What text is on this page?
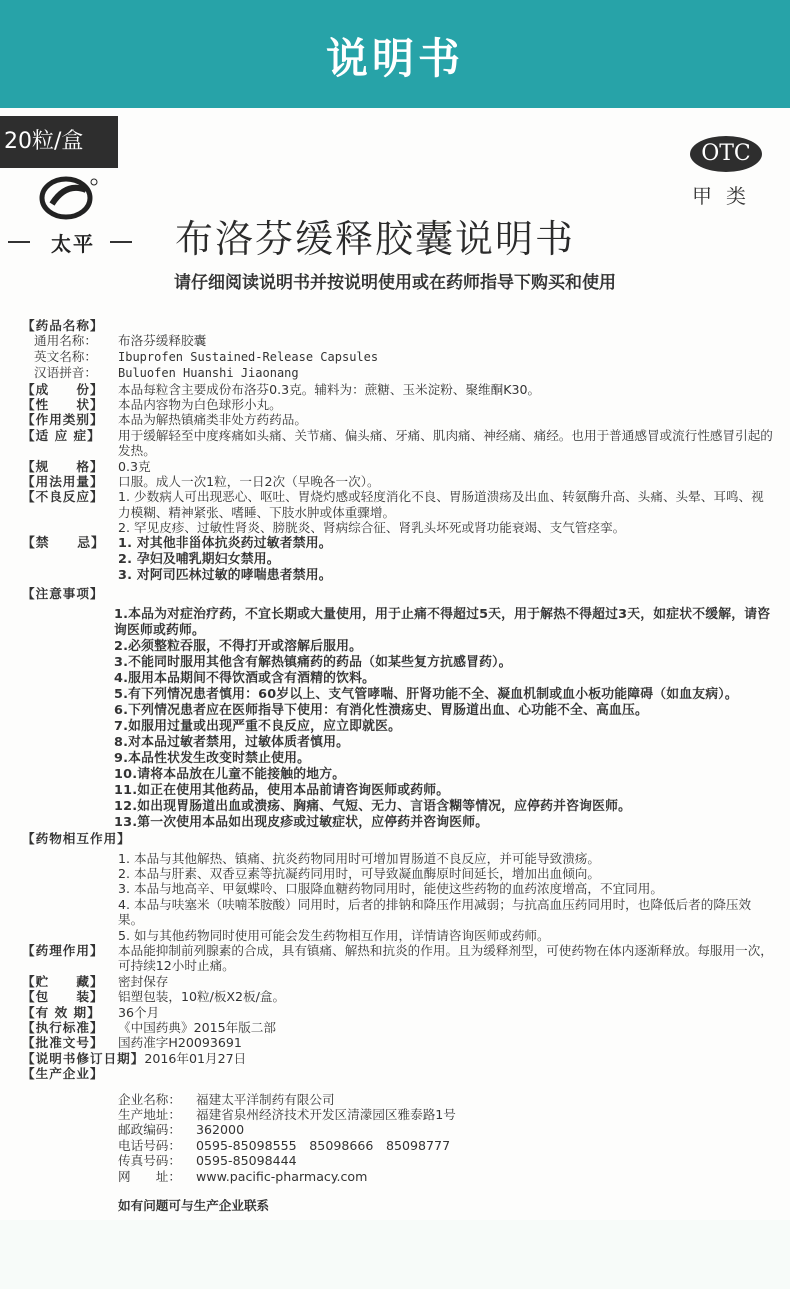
说明书
20粒/盒
太平
OTC
甲类
布洛芬缓释胶囊说明书
请仔细阅读说明书并按说明使用或在药师指导下购买和使用
【药品名称】
通用名称： 布洛芬缓释胶囊
英文名称： Ibuprofen Sustained-Release Capsules
汉语拼音： Buluofen Huanshi Jiaonang
【成　　份】	本品每粒含主要成份布洛芬0.3克。辅料为：蔗糖、玉米淀粉、聚维酮K30。
【性　　状】	本品内容物为白色球形小丸。
【作用类别】	本品为解热镇痛类非处方药药品。
【适 应 症】	用于缓解轻至中度疼痛如头痛、关节痛、偏头痛、牙痛、肌肉痛、神经痛、痛经。也用于普通感冒或流行性感冒引起的发热。
【规　　格】	0.3克
【用法用量】	口服。成人一次1粒，一日2次（早晚各一次）。
【不良反应】	1. 少数病人可出现恶心、呕吐、胃烧灼感或轻度消化不良、胃肠道溃疡及出血、转氨酶升高、头痛、头晕、耳鸣、视力模糊、精神紧张、嗜睡、下肢水肿或体重骤增。
2. 罕见皮疹、过敏性肾炎、膀胱炎、肾病综合征、肾乳头坏死或肾功能衰竭、支气管痉挛。
【禁　　忌】	1. 对其他非甾体抗炎药过敏者禁用。
2. 孕妇及哺乳期妇女禁用。
3. 对阿司匹林过敏的哮喘患者禁用。
【注意事项】
1.本品为对症治疗药，不宜长期或大量使用，用于止痛不得超过5天，用于解热不得超过3天，如症状不缓解，请咨询医师或药师。
2.必须整粒吞服，不得打开或溶解后服用。
3.不能同时服用其他含有解热镇痛药的药品（如某些复方抗感冒药）。
4.服用本品期间不得饮酒或含有酒精的饮料。
5.有下列情况患者慎用：60岁以上、支气管哮喘、肝肾功能不全、凝血机制或血小板功能障碍（如血友病）。
6.下列情况患者应在医师指导下使用：有消化性溃疡史、胃肠道出血、心功能不全、高血压。
7.如服用过量或出现严重不良反应，应立即就医。
8.对本品过敏者禁用，过敏体质者慎用。
9.本品性状发生改变时禁止使用。
10.请将本品放在儿童不能接触的地方。
11.如正在使用其他药品，使用本品前请咨询医师或药师。
12.如出现胃肠道出血或溃疡、胸痛、气短、无力、言语含糊等情况，应停药并咨询医师。
13.第一次使用本品如出现皮疹或过敏症状，应停药并咨询医师。
【药物相互作用】
1. 本品与其他解热、镇痛、抗炎药物同用时可增加胃肠道不良反应，并可能导致溃疡。
2. 本品与肝素、双香豆素等抗凝药同用时，可导致凝血酶原时间延长，增加出血倾向。
3. 本品与地高辛、甲氨蝶呤、口服降血糖药物同用时，能使这些药物的血药浓度增高，不宜同用。
4. 本品与呋塞米（呋喃苯胺酸）同用时，后者的排钠和降压作用减弱；与抗高血压药同用时，也降低后者的降压效果。
5. 如与其他药物同时使用可能会发生药物相互作用，详情请咨询医师或药师。
【药理作用】	本品能抑制前列腺素的合成，具有镇痛、解热和抗炎的作用。且为缓释剂型，可使药物在体内逐渐释放。每服用一次，可持续12小时止痛。
【贮　　藏】	密封保存
【包　　装】	铝塑包装，10粒/板X2板/盒。
【有 效 期】	36个月
【执行标准】	《中国药典》2015年版二部
【批准文号】	国药准字H20093691
【说明书修订日期】 2016年01月27日
【生产企业】
企业名称：	福建太平洋制药有限公司
生产地址：	福建省泉州经济技术开发区清濛园区雅泰路1号
邮政编码：	362000
电话号码：	0595-85098555　85098666　85098777
传真号码：	0595-85098444
网　　址：	www.pacific-pharmacy.com
如有问题可与生产企业联系
